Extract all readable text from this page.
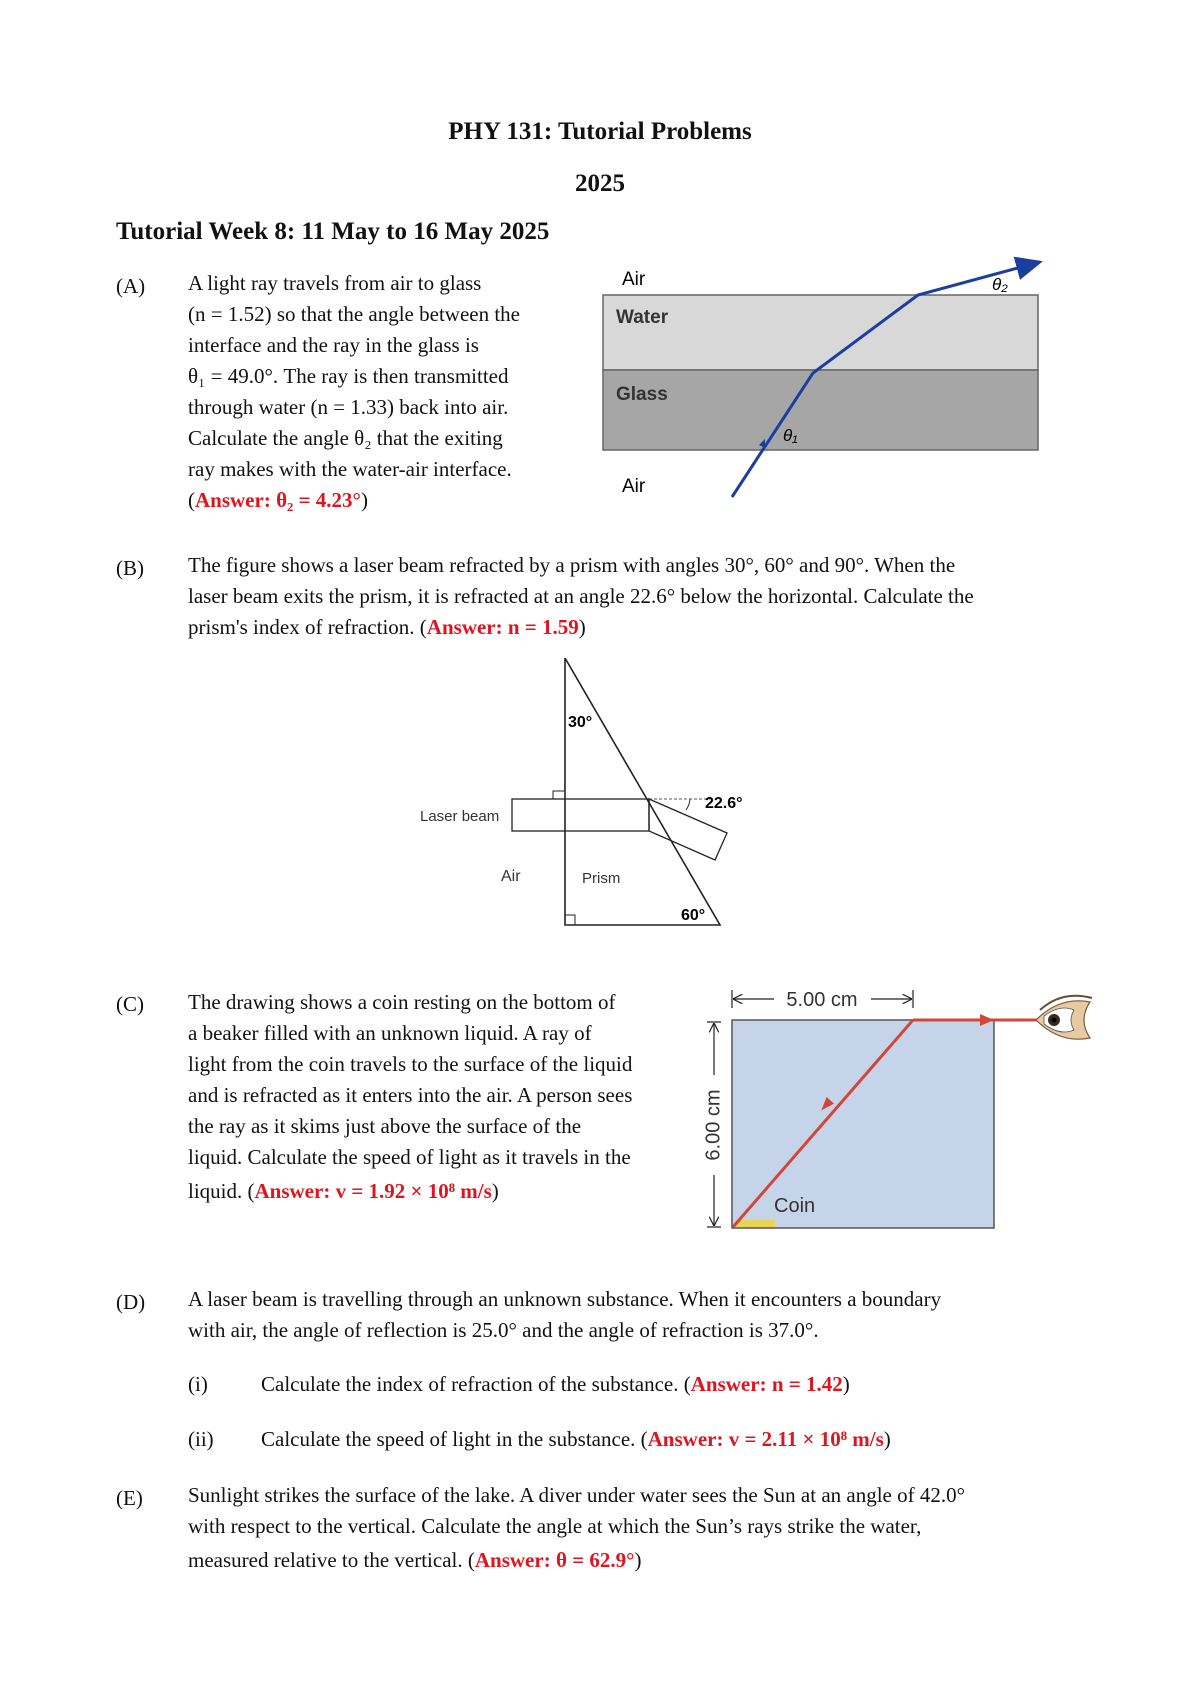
PHY 131: Tutorial Problems
2025
Tutorial Week 8: 11 May to 16 May 2025
(A) A light ray travels from air to glass
(n = 1.52) so that the angle between the
interface and the ray in the glass is
θ₁ = 49.0°. The ray is then transmitted
through water (n = 1.33) back into air.
Calculate the angle θ₂ that the exiting
ray makes with the water-air interface.
(Answer: θ₂ = 4.23°)
Air
Water
Glass
Air
θ₁
θ₂
(B) The figure shows a laser beam refracted by a prism with angles 30°, 60° and 90°. When the
laser beam exits the prism, it is refracted at an angle 22.6° below the horizontal. Calculate the
prism's index of refraction. (Answer: n = 1.59)
30°
60°
22.6°
Laser beam
Air	Prism
(C) The drawing shows a coin resting on the bottom of
a beaker filled with an unknown liquid. A ray of
light from the coin travels to the surface of the liquid
and is refracted as it enters into the air. A person sees
the ray as it skims just above the surface of the
liquid. Calculate the speed of light as it travels in the
liquid. (Answer: v = 1.92 × 10⁸ m/s)
5.00 cm
6.00 cm
Coin
(D) A laser beam is travelling through an unknown substance. When it encounters a boundary
with air, the angle of reflection is 25.0° and the angle of refraction is 37.0°.
(i)	Calculate the index of refraction of the substance. (Answer: n = 1.42)
(ii) Calculate the speed of light in the substance. (Answer: v = 2.11 × 10⁸ m/s)
(E) Sunlight strikes the surface of the lake. A diver under water sees the Sun at an angle of 42.0°
with respect to the vertical. Calculate the angle at which the Sun’s rays strike the water,
measured relative to the vertical. (Answer: θ = 62.9°)
